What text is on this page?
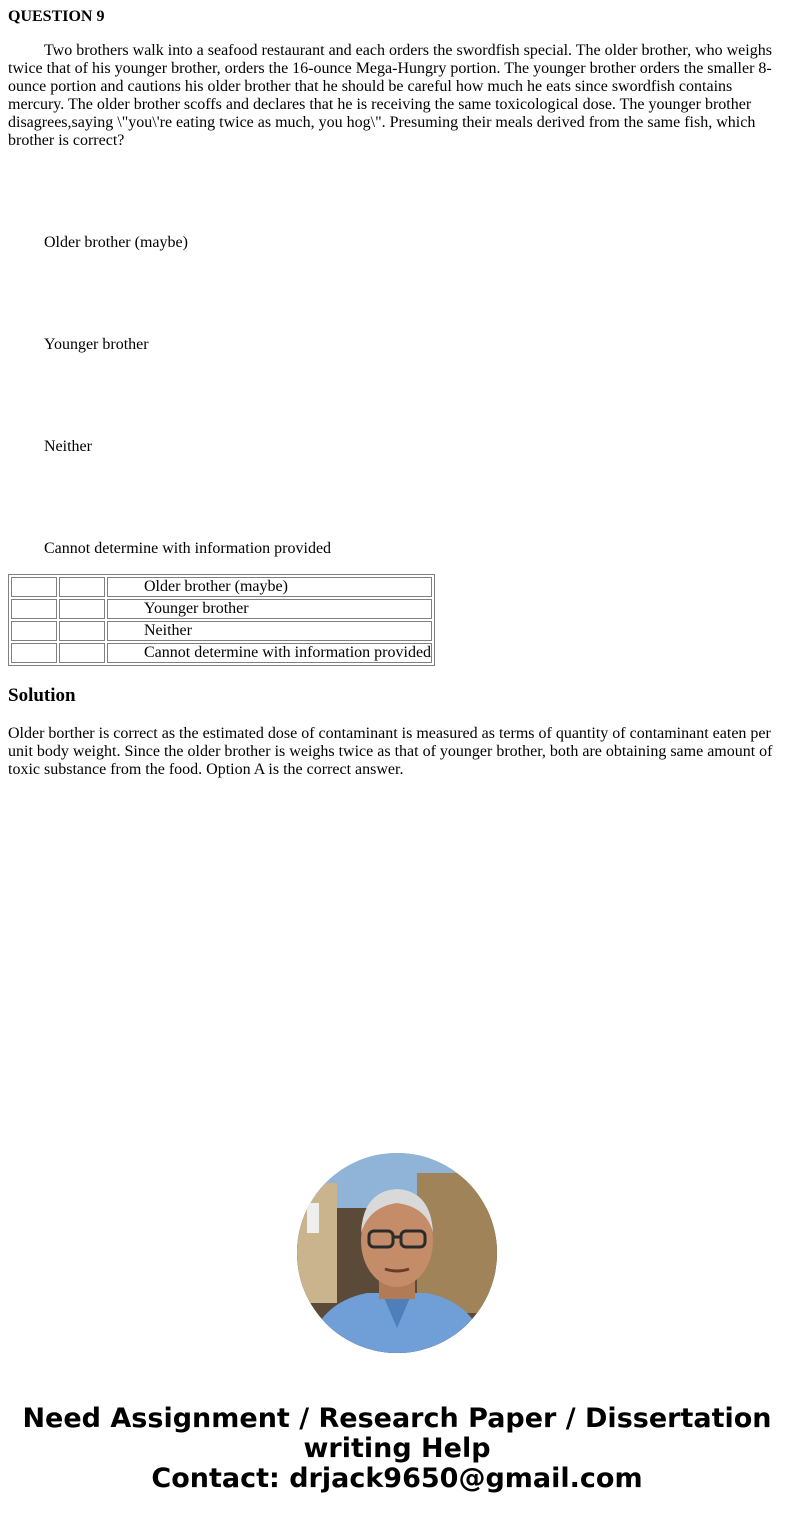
QUESTION 9

Two brothers walk into a seafood restaurant and each orders the swordfish special. The older brother, who weighs twice that of his younger brother, orders the 16-ounce Mega-Hungry portion. The younger brother orders the smaller 8-ounce portion and cautions his older brother that he should be careful how much he eats since swordfish contains mercury. The older brother scoffs and declares that he is receiving the same toxicological dose. The younger brother disagrees,saying \"you\'re eating twice as much, you hog\". Presuming their meals derived from the same fish, which brother is correct?

Older brother (maybe)

Younger brother

Neither

Cannot determine with information provided

		Older brother (maybe)
		Younger brother
		Neither
		Cannot determine with information provided
Solution

Older borther is correct as the estimated dose of contaminant is measured as terms of quantity of contaminant eaten per unit body weight. Since the older brother is weighs twice as that of younger brother, both are obtaining same amount of toxic substance from the food. Option A is the correct answer.

Need Assignment / Research Paper / Dissertation
writing Help
Contact: drjack9650@gmail.com
